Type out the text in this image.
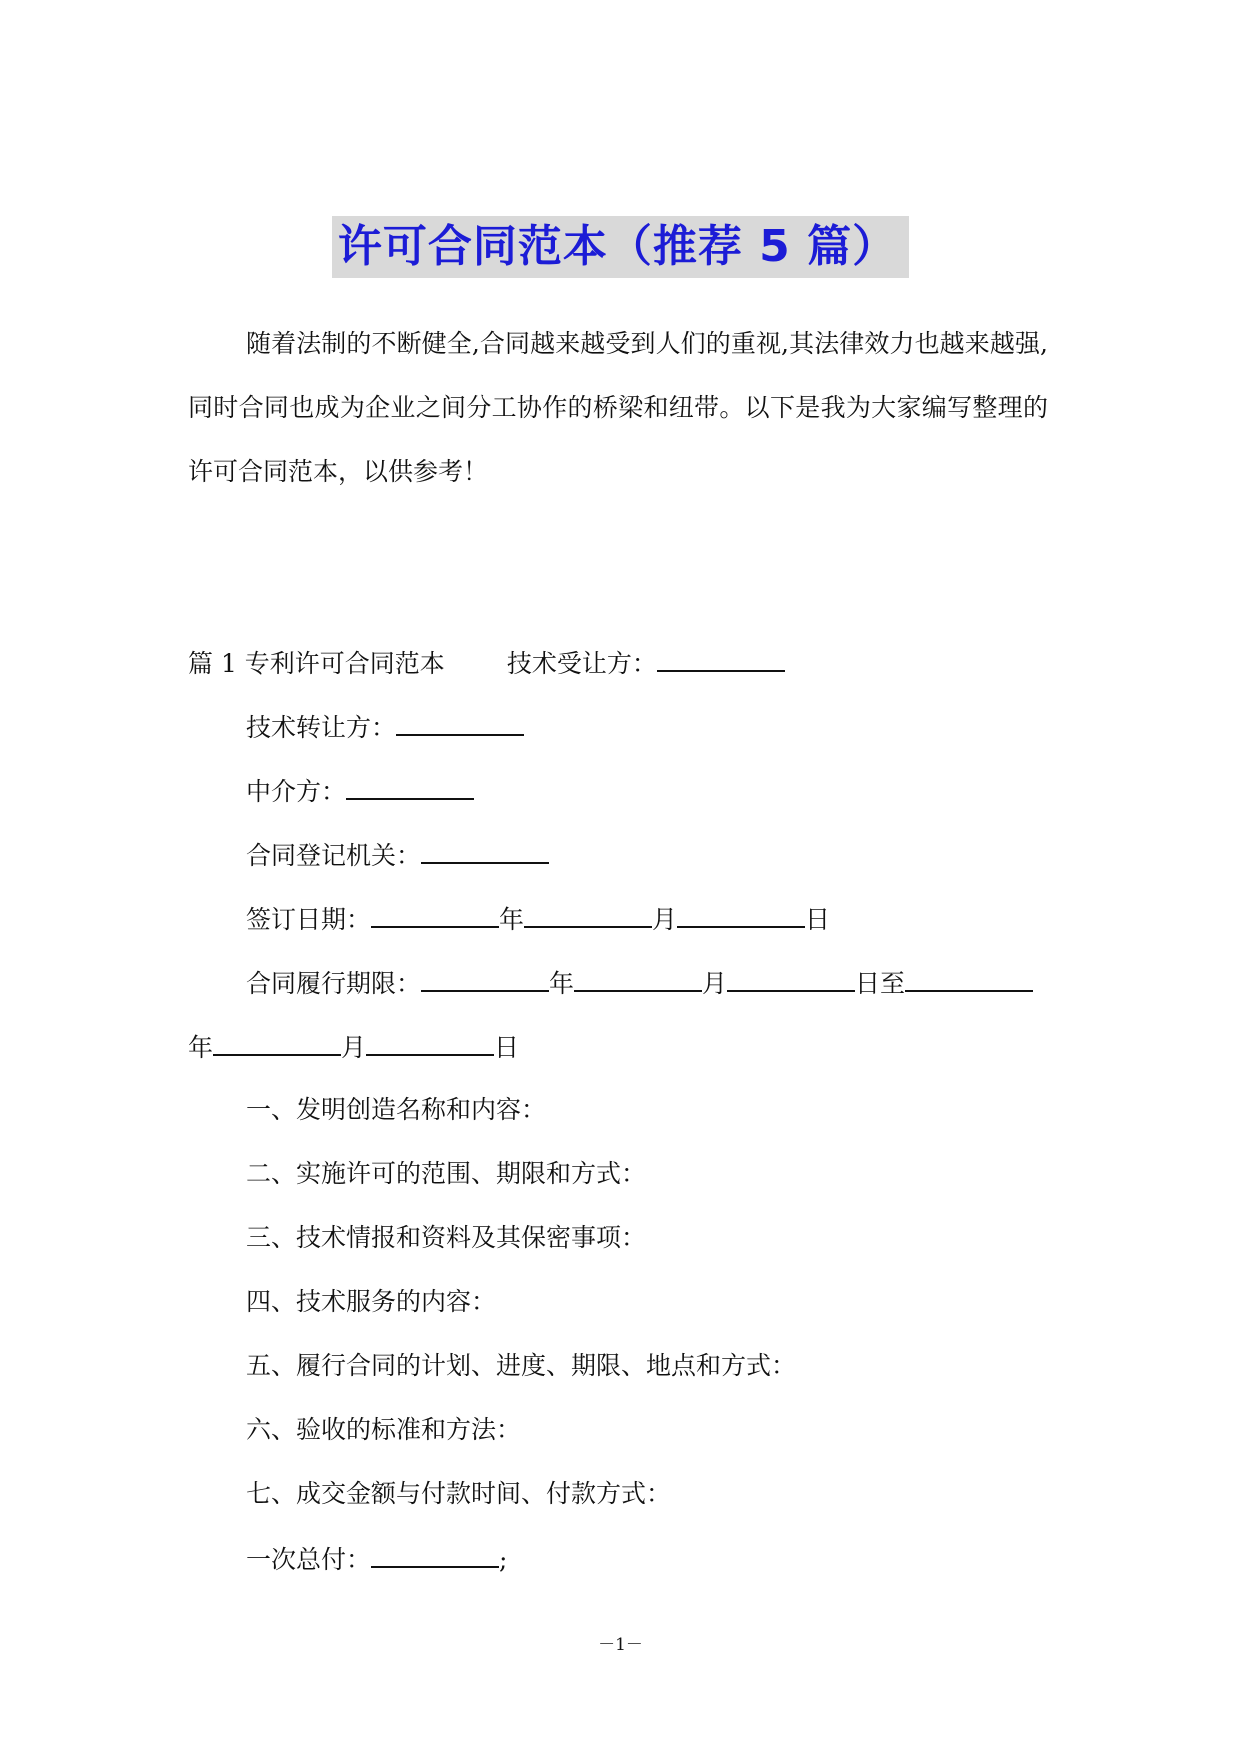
许可合同范本（推荐 5 篇）

随着法制的不断健全,合同越来越受到人们的重视,其法律效力也越来越强,同时合同也成为企业之间分工协作的桥梁和纽带。以下是我为大家编写整理的许可合同范本，以供参考！

篇 1 专利许可合同范本 技术受让方：
技术转让方：
中介方：
合同登记机关：
签订日期：	年	月	日
合同履行期限：	年	月	日至
年	月	日
一、发明创造名称和内容：
二、实施许可的范围、期限和方式：
三、技术情报和资料及其保密事项：
四、技术服务的内容：
五、履行合同的计划、进度、期限、地点和方式：
六、验收的标准和方法：
七、成交金额与付款时间、付款方式：
一次总付：	;
－1－
